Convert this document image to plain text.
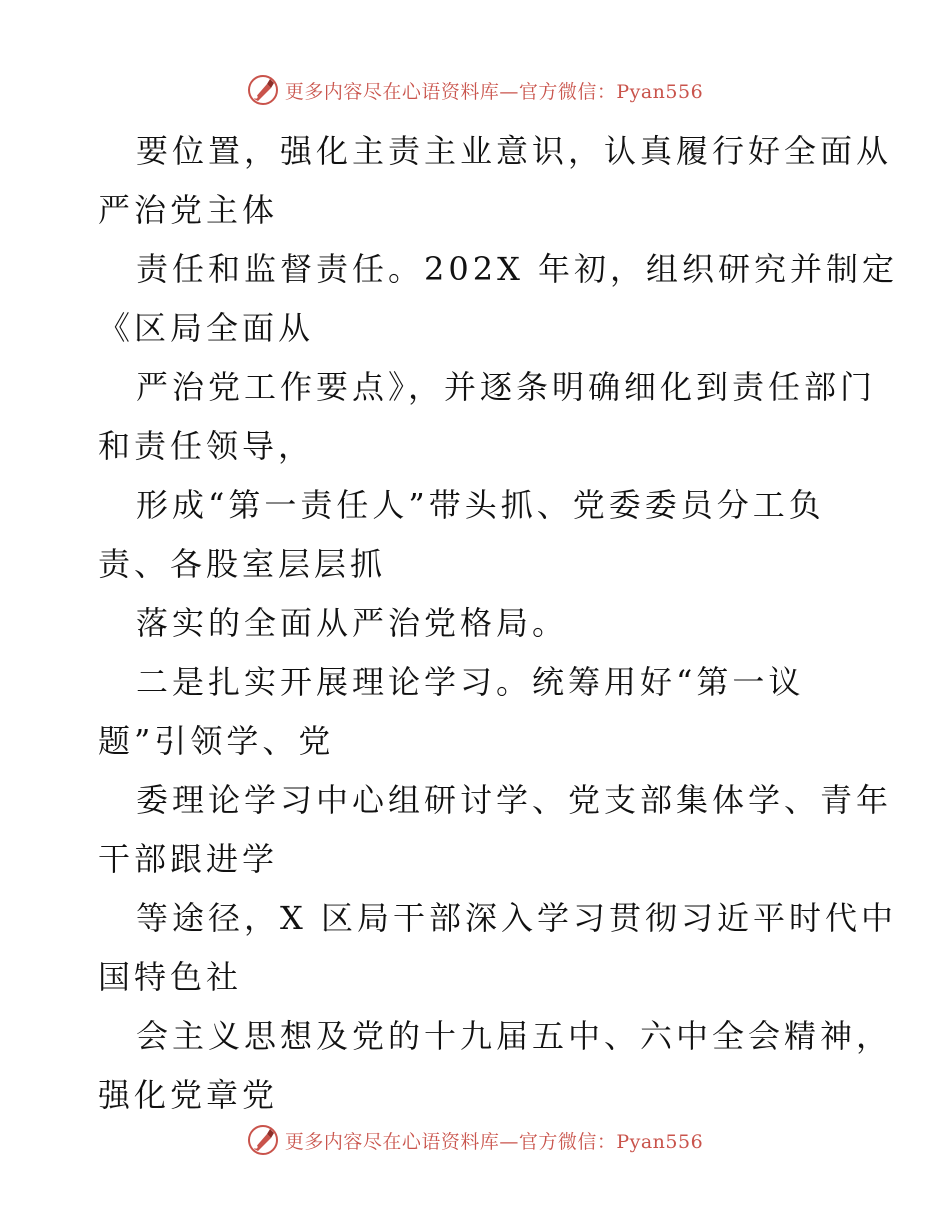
更多内容尽在心语资料库—官方微信：Pyan556
要位置，强化主责主业意识，认真履行好全面从
严治党主体
责任和监督责任。202X 年初，组织研究并制定
《区局全面从
严治党工作要点》，并逐条明确细化到责任部门
和责任领导，
形成“第一责任人”带头抓、党委委员分工负
责、各股室层层抓
落实的全面从严治党格局。
二是扎实开展理论学习。统筹用好“第一议
题”引领学、党
委理论学习中心组研讨学、党支部集体学、青年
干部跟进学
等途径，X 区局干部深入学习贯彻习近平时代中
国特色社
会主义思想及党的十九届五中、六中全会精神，
强化党章党
更多内容尽在心语资料库—官方微信：Pyan556
